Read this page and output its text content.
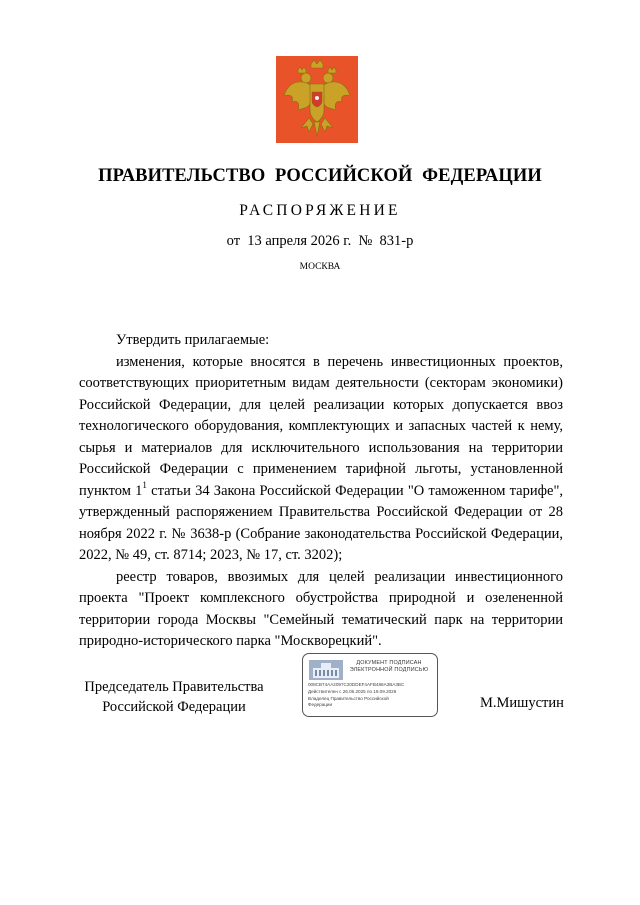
ПРАВИТЕЛЬСТВО РОССИЙСКОЙ ФЕДЕРАЦИИ
РАСПОРЯЖЕНИЕ
от  13 апреля 2026 г.  №  831-р
МОСКВА

Утвердить прилагаемые:

изменения, которые вносятся в перечень инвестиционных проектов, соответствующих приоритетным видам деятельности (секторам экономики) Российской Федерации, для целей реализации которых допускается ввоз технологического оборудования, комплектующих и запасных частей к нему, сырья и материалов для исключительного использования на территории Российской Федерации с применением тарифной льготы, установленной пунктом $1^1$ статьи 34 Закона Российской Федерации "О таможенном тарифе", утвержденный распоряжением Правительства Российской Федерации от 28 ноября 2022 г. № 3638-р (Собрание законодательства Российской Федерации, 2022, № 49, ст. 8714; 2023, № 17, ст. 3202);

реестр товаров, ввозимых для целей реализации инвестиционного проекта "Проект комплексного обустройства природной и озелененной территории города Москвы "Семейный тематический парк на территории природно-исторического парка "Москворецкий".

Председатель Правительства
Российской Федерации	М.Мишустин
ДОКУМЕНТ ПОДПИСАН
ЭЛЕКТРОННОЙ ПОДПИСЬЮ
008CB74AA2097C20DDEF4AFB488A3BA3BC
Действителен с 26.06.2025 по 19.09.2026
Владелец Правительство Российской
Федерации
